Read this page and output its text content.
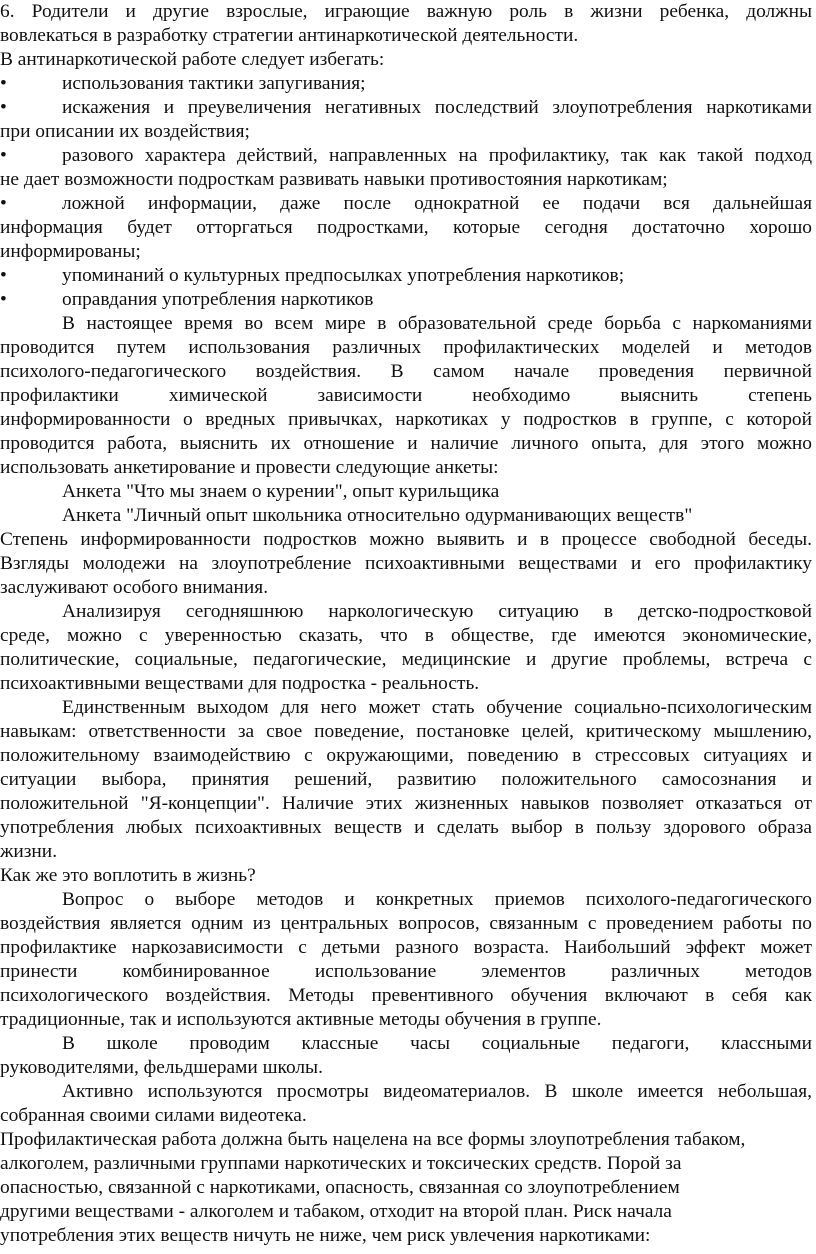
6. Родители и другие взрослые, играющие важную роль в жизни ребенка, должны
вовлекаться в разработку стратегии антинаркотической деятельности.
В антинаркотической работе следует избегать:
•	использования тактики запугивания;
•	искажения и преувеличения негативных последствий злоупотребления наркотиками
при описании их воздействия;
•	разового характера действий, направленных на профилактику, так как такой подход
не дает возможности подросткам развивать навыки противостояния наркотикам;
•	ложной информации, даже после однократной ее подачи вся дальнейшая
информация будет отторгаться подростками, которые сегодня достаточно хорошо
информированы;
•	упоминаний о культурных предпосылках употребления наркотиков;
•	оправдания употребления наркотиков
В настоящее время во всем мире в образовательной среде борьба с наркоманиями
проводится путем использования различных профилактических моделей и методов
психолого-педагогического воздействия. В самом начале проведения первичной
профилактики химической зависимости необходимо выяснить степень
информированности о вредных привычках, наркотиках у подростков в группе, с которой
проводится работа, выяснить их отношение и наличие личного опыта, для этого можно
использовать анкетирование и провести следующие анкеты:
Анкета "Что мы знаем о курении", опыт курильщика
Анкета "Личный опыт школьника относительно одурманивающих веществ"
Степень информированности подростков можно выявить и в процессе свободной беседы.
Взгляды молодежи на злоупотребление психоактивными веществами и его профилактику
заслуживают особого внимания.
Анализируя сегодняшнюю наркологическую ситуацию в детско-подростковой
среде, можно с уверенностью сказать, что в обществе, где имеются экономические,
политические, социальные, педагогические, медицинские и другие проблемы, встреча с
психоактивными веществами для подростка - реальность.
Единственным выходом для него может стать обучение социально-психологическим
навыкам: ответственности за свое поведение, постановке целей, критическому мышлению,
положительному взаимодействию с окружающими, поведению в стрессовых ситуациях и
ситуации выбора, принятия решений, развитию положительного самосознания и
положительной "Я-концепции". Наличие этих жизненных навыков позволяет отказаться от
употребления любых психоактивных веществ и сделать выбор в пользу здорового образа
жизни.
Как же это воплотить в жизнь?
Вопрос о выборе методов и конкретных приемов психолого-педагогического
воздействия является одним из центральных вопросов, связанным с проведением работы по
профилактике наркозависимости с детьми разного возраста. Наибольший эффект может
принести комбинированное использование элементов различных методов
психологического воздействия. Методы превентивного обучения включают в себя как
традиционные, так и используются активные методы обучения в группе.
В школе проводим классные часы социальные педагоги, классными
руководителями, фельдшерами школы.
Активно используются просмотры видеоматериалов. В школе имеется небольшая,
собранная своими силами видеотека.
Профилактическая работа должна быть нацелена на все формы злоупотребления табаком,
алкоголем, различными группами наркотических и токсических средств. Порой за
опасностью, связанной с наркотиками, опасность, связанная со злоупотреблением
другими веществами - алкоголем и табаком, отходит на второй план. Риск начала
употребления этих веществ ничуть не ниже, чем риск увлечения наркотиками:
